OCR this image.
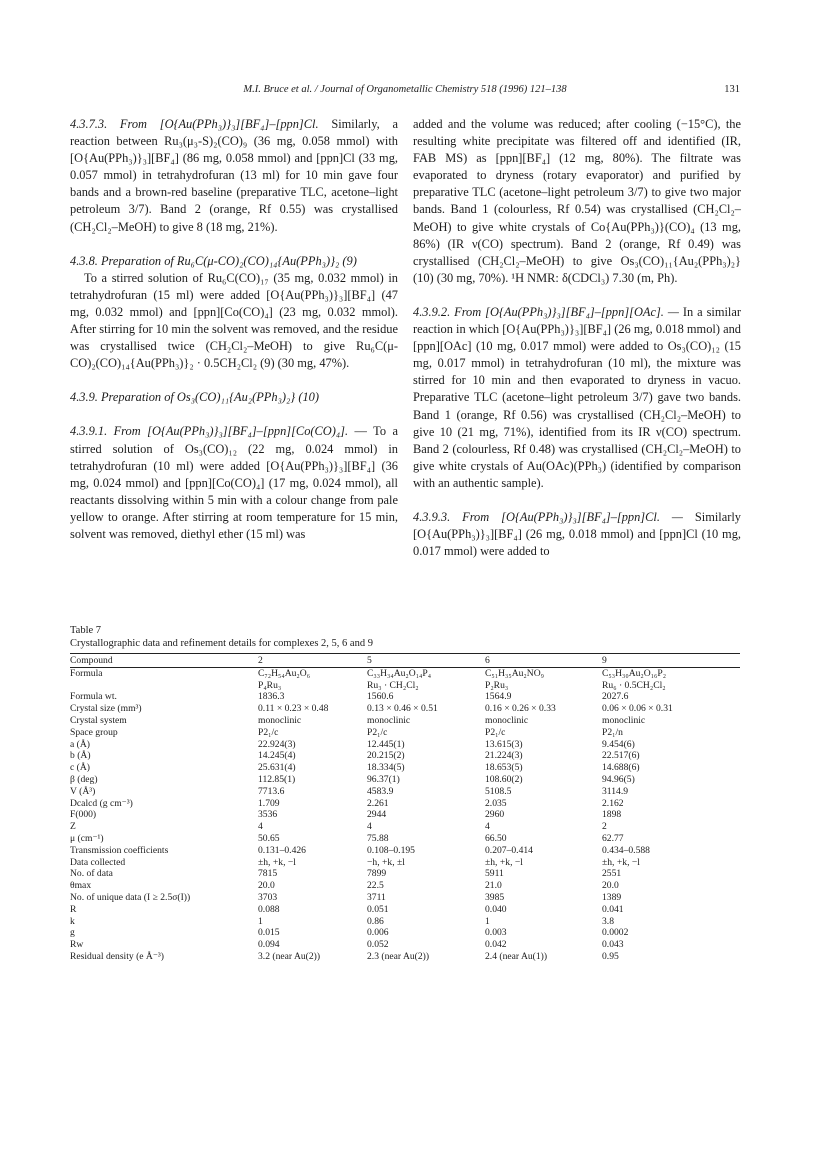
M.I. Bruce et al. / Journal of Organometallic Chemistry 518 (1996) 121–138	131

4.3.7.3. From [O{Au(PPh₃)}₃][BF₄]–[ppn]Cl. Similarly, a reaction between Ru₃(μ₃-S)₂(CO)₉ (36 mg, 0.058 mmol) with [O{Au(PPh₃)}₃][BF₄] (86 mg, 0.058 mmol) and [ppn]Cl (33 mg, 0.057 mmol) in tetrahydrofuran (13 ml) for 10 min gave four bands and a brown-red baseline (preparative TLC, acetone–light petroleum 3/7). Band 2 (orange, Rf 0.55) was crystallised (CH₂Cl₂–MeOH) to give 8 (18 mg, 21%).

4.3.8. Preparation of Ru₆C(μ-CO)₂(CO)₁₄{Au(PPh₃)}₂ (9)

To a stirred solution of Ru₆C(CO)₁₇ (35 mg, 0.032 mmol) in tetrahydrofuran (15 ml) were added [O{Au(PPh₃)}₃][BF₄] (47 mg, 0.032 mmol) and [ppn][Co(CO)₄] (23 mg, 0.032 mmol). After stirring for 10 min the solvent was removed, and the residue was crystallised twice (CH₂Cl₂–MeOH) to give Ru₆C(μ-CO)₂(CO)₁₄{Au(PPh₃)}₂ · 0.5CH₂Cl₂ (9) (30 mg, 47%).

4.3.9. Preparation of Os₃(CO)₁₁{Au₂(PPh₃)₂} (10)

4.3.9.1. From [O{Au(PPh₃)}₃][BF₄]–[ppn][Co(CO)₄]. — To a stirred solution of Os₃(CO)₁₂ (22 mg, 0.024 mmol) in tetrahydrofuran (10 ml) were added [O{Au(PPh₃)}₃][BF₄] (36 mg, 0.024 mmol) and [ppn][Co(CO)₄] (17 mg, 0.024 mmol), all reactants dissolving within 5 min with a colour change from pale yellow to orange. After stirring at room temperature for 15 min, solvent was removed, diethyl ether (15 ml) was

added and the volume was reduced; after cooling (−15°C), the resulting white precipitate was filtered off and identified (IR, FAB MS) as [ppn][BF₄] (12 mg, 80%). The filtrate was evaporated to dryness (rotary evaporator) and purified by preparative TLC (acetone–light petroleum 3/7) to give two major bands. Band 1 (colourless, Rf 0.54) was crystallised (CH₂Cl₂–MeOH) to give white crystals of Co{Au(PPh₃)}(CO)₄ (13 mg, 86%) (IR ν(CO) spectrum). Band 2 (orange, Rf 0.49) was crystallised (CH₂Cl₂–MeOH) to give Os₃(CO)₁₁{Au₂(PPh₃)₂} (10) (30 mg, 70%). ¹H NMR: δ(CDCl₃) 7.30 (m, Ph).

4.3.9.2. From [O{Au(PPh₃)}₃][BF₄]–[ppn][OAc]. — In a similar reaction in which [O{Au(PPh₃)}₃][BF₄] (26 mg, 0.018 mmol) and [ppn][OAc] (10 mg, 0.017 mmol) were added to Os₃(CO)₁₂ (15 mg, 0.017 mmol) in tetrahydrofuran (10 ml), the mixture was stirred for 10 min and then evaporated to dryness in vacuo. Preparative TLC (acetone–light petroleum 3/7) gave two bands. Band 1 (orange, Rf 0.56) was crystallised (CH₂Cl₂–MeOH) to give 10 (21 mg, 71%), identified from its IR ν(CO) spectrum. Band 2 (colourless, Rf 0.48) was crystallised (CH₂Cl₂–MeOH) to give white crystals of Au(OAc)(PPh₃) (identified by comparison with an authentic sample).

4.3.9.3. From [O{Au(PPh₃)}₃][BF₄]–[ppn]Cl. — Similarly [O{Au(PPh₃)}₃][BF₄] (26 mg, 0.018 mmol) and [ppn]Cl (10 mg, 0.017 mmol) were added to

Table 7
Crystallographic data and refinement details for complexes 2, 5, 6 and 9
Compound	2	5	6	9

Formula	C₇₂H₅₄Au₂O₆	C₃₃H₃₄Au₂O₁₄P₄	C₅₁H₃₅Au₂NO₉	C₅₃H₃₀Au₂O₁₆P₂
	P₄Ru₃	Ru₃ · CH₂Cl₂	P₂Ru₃	Ru₆ · 0.5CH₂Cl₂
Formula wt.	1836.3	1560.6	1564.9	2027.6
Crystal size (mm³)	0.11 × 0.23 × 0.48	0.13 × 0.46 × 0.51	0.16 × 0.26 × 0.33	0.06 × 0.06 × 0.31
Crystal system	monoclinic	monoclinic	monoclinic	monoclinic
Space group	P2₁/c	P2₁/c	P2₁/c	P2₁/n
a (Å)	22.924(3)	12.445(1)	13.615(3)	9.454(6)
b (Å)	14.245(4)	20.215(2)	21.224(3)	22.517(6)
c (Å)	25.631(4)	18.334(5)	18.653(5)	14.688(6)
β (deg)	112.85(1)	96.37(1)	108.60(2)	94.96(5)
V (Å³)	7713.6	4583.9	5108.5	3114.9
Dcalcd (g cm⁻³)	1.709	2.261	2.035	2.162
F(000)	3536	2944	2960	1898
Z	4	4	4	2
μ (cm⁻¹)	50.65	75.88	66.50	62.77
Transmission coefficients	0.131–0.426	0.108–0.195	0.207–0.414	0.434–0.588
Data collected	±h, +k, −l	−h, +k, ±l	±h, +k, −l	±h, +k, −l
No. of data	7815	7899	5911	2551
θmax	20.0	22.5	21.0	20.0
No. of unique data (I ≥ 2.5σ(I))	3703	3711	3985	1389
R	0.088	0.051	0.040	0.041
k	1	0.86	1	3.8
g	0.015	0.006	0.003	0.0002
Rw	0.094	0.052	0.042	0.043
Residual density (e Å⁻³)	3.2 (near Au(2))	2.3 (near Au(2))	2.4 (near Au(1))	0.95
